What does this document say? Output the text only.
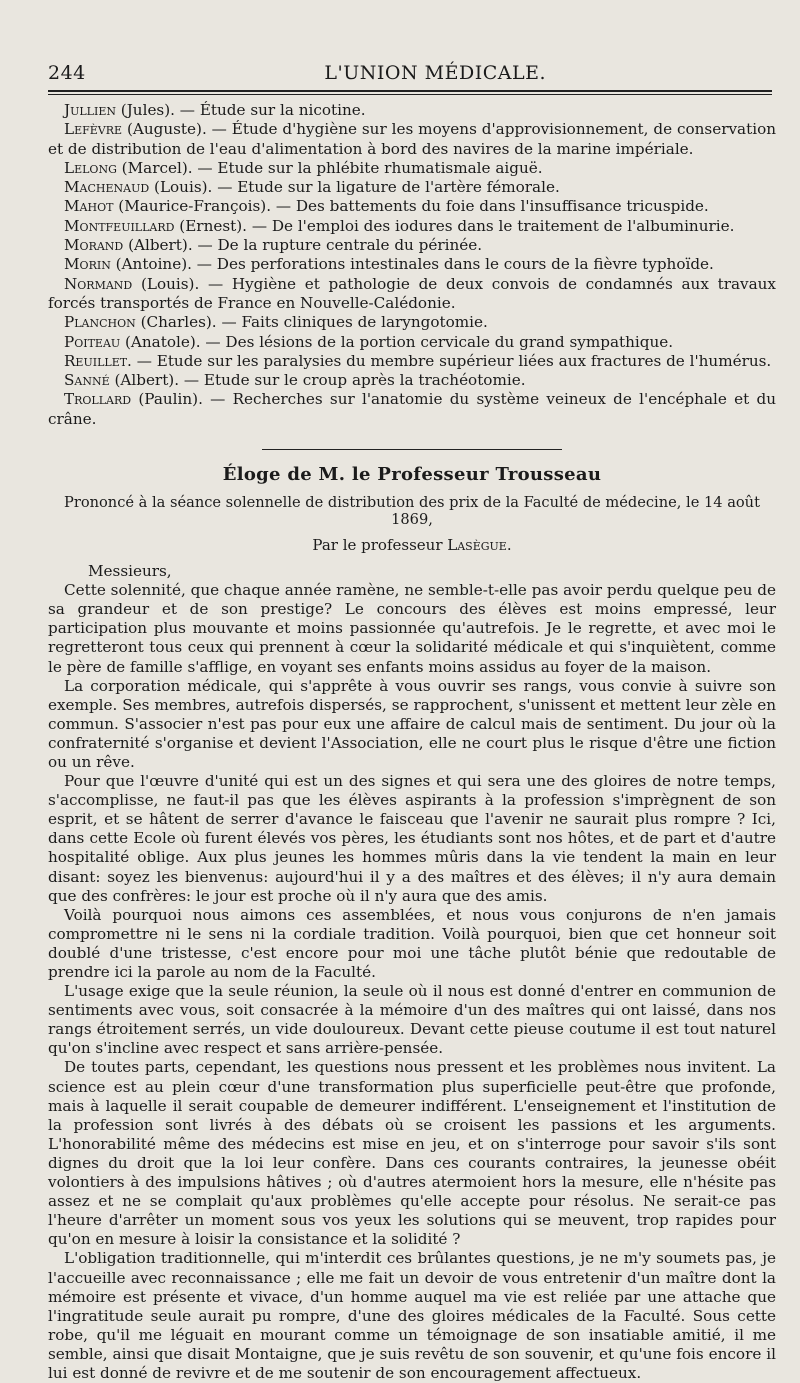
244	L'UNION MÉDICALE.

Jullien (Jules). — Étude sur la nicotine.

Lefèvre (Auguste). — Étude d'hygiène sur les moyens d'approvisionnement, de conservation et de distribution de l'eau d'alimentation à bord des navires de la marine impériale.

Lelong (Marcel). — Etude sur la phlébite rhumatismale aiguë.

Machenaud (Louis). — Etude sur la ligature de l'artère fémorale.

Mahot (Maurice-François). — Des battements du foie dans l'insuffisance tricuspide.

Montfeuillard (Ernest). — De l'emploi des iodures dans le traitement de l'albuminurie.

Morand (Albert). — De la rupture centrale du périnée.

Morin (Antoine). — Des perforations intestinales dans le cours de la fièvre typhoïde.

Normand (Louis). — Hygiène et pathologie de deux convois de condamnés aux travaux forcés transportés de France en Nouvelle-Calédonie.

Planchon (Charles). — Faits cliniques de laryngotomie.

Poiteau (Anatole). — Des lésions de la portion cervicale du grand sympathique.

Reuillet. — Etude sur les paralysies du membre supérieur liées aux fractures de l'humérus.

Sanné (Albert). — Etude sur le croup après la trachéotomie.

Trollard (Paulin). — Recherches sur l'anatomie du système veineux de l'encéphale et du crâne.

Éloge de M. le Professeur Trousseau
Prononcé à la séance solennelle de distribution des prix de la Faculté de médecine, le 14 août 1869,
Par le professeur Lasègue.

Messieurs,

Cette solennité, que chaque année ramène, ne semble-t-elle pas avoir perdu quelque peu de sa grandeur et de son prestige? Le concours des élèves est moins empressé, leur participation plus mouvante et moins passionnée qu'autrefois. Je le regrette, et avec moi le regretteront tous ceux qui prennent à cœur la solidarité médicale et qui s'inquiètent, comme le père de famille s'afflige, en voyant ses enfants moins assidus au foyer de la maison.

La corporation médicale, qui s'apprête à vous ouvrir ses rangs, vous convie à suivre son exemple. Ses membres, autrefois dispersés, se rapprochent, s'unissent et mettent leur zèle en commun. S'associer n'est pas pour eux une affaire de calcul mais de sentiment. Du jour où la confraternité s'organise et devient l'Association, elle ne court plus le risque d'être une fiction ou un rêve.

Pour que l'œuvre d'unité qui est un des signes et qui sera une des gloires de notre temps, s'accomplisse, ne faut-il pas que les élèves aspirants à la profession s'imprègnent de son esprit, et se hâtent de serrer d'avance le faisceau que l'avenir ne saurait plus rompre ? Ici, dans cette Ecole où furent élevés vos pères, les étudiants sont nos hôtes, et de part et d'autre hospitalité oblige. Aux plus jeunes les hommes mûris dans la vie tendent la main en leur disant: soyez les bienvenus: aujourd'hui il y a des maîtres et des élèves; il n'y aura demain que des confrères: le jour est proche où il n'y aura que des amis.

Voilà pourquoi nous aimons ces assemblées, et nous vous conjurons de n'en jamais compromettre ni le sens ni la cordiale tradition. Voilà pourquoi, bien que cet honneur soit doublé d'une tristesse, c'est encore pour moi une tâche plutôt bénie que redoutable de prendre ici la parole au nom de la Faculté.

L'usage exige que la seule réunion, la seule où il nous est donné d'entrer en communion de sentiments avec vous, soit consacrée à la mémoire d'un des maîtres qui ont laissé, dans nos rangs étroitement serrés, un vide douloureux. Devant cette pieuse coutume il est tout naturel qu'on s'incline avec respect et sans arrière-pensée.

De toutes parts, cependant, les questions nous pressent et les problèmes nous invitent. La science est au plein cœur d'une transformation plus superficielle peut-être que profonde, mais à laquelle il serait coupable de demeurer indifférent. L'enseignement et l'institution de la profession sont livrés à des débats où se croisent les passions et les arguments. L'honorabilité même des médecins est mise en jeu, et on s'interroge pour savoir s'ils sont dignes du droit que la loi leur confère. Dans ces courants contraires, la jeunesse obéit volontiers à des impulsions hâtives ; où d'autres atermoient hors la mesure, elle n'hésite pas assez et ne se complait qu'aux problèmes qu'elle accepte pour résolus. Ne serait-ce pas l'heure d'arrêter un moment sous vos yeux les solutions qui se meuvent, trop rapides pour qu'on en mesure à loisir la consistance et la solidité ?

L'obligation traditionnelle, qui m'interdit ces brûlantes questions, je ne m'y soumets pas, je l'accueille avec reconnaissance ; elle me fait un devoir de vous entretenir d'un maître dont la mémoire est présente et vivace, d'un homme auquel ma vie est reliée par une attache que l'ingratitude seule aurait pu rompre, d'une des gloires médicales de la Faculté. Sous cette robe, qu'il me léguait en mourant comme un témoignage de son insatiable amitié, il me semble, ainsi que disait Montaigne, que je suis revêtu de son souvenir, et qu'une fois encore il lui est donné de revivre et de me soutenir de son encouragement affectueux.
